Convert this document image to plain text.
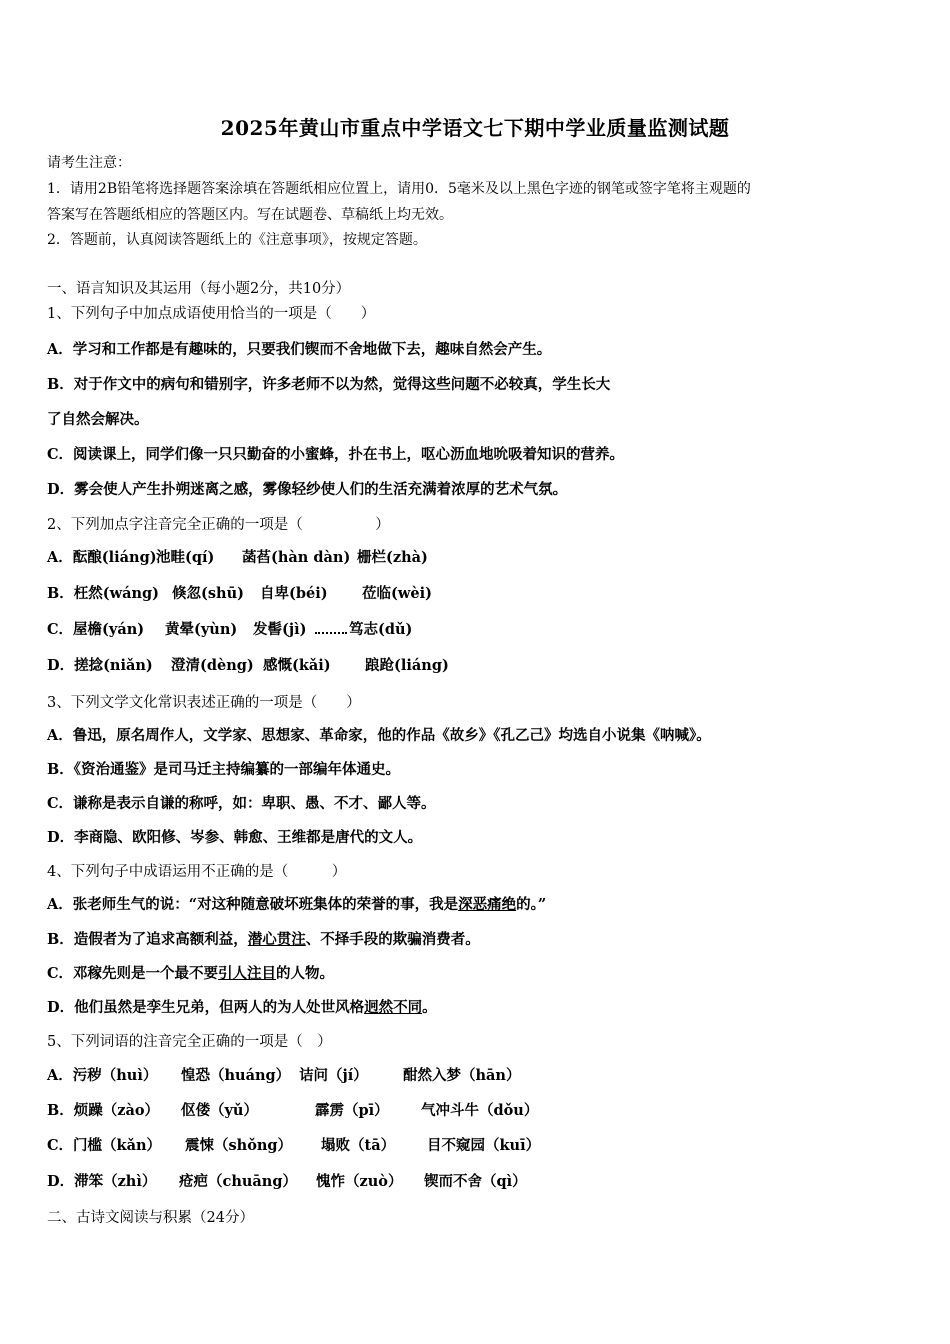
2025年黄山市重点中学语文七下期中学业质量监测试题
请考生注意：
1．请用2B铅笔将选择题答案涂填在答题纸相应位置上，请用0．5毫米及以上黑色字迹的钢笔或签字笔将主观题的
答案写在答题纸相应的答题区内。写在试题卷、草稿纸上均无效。
2．答题前，认真阅读答题纸上的《注意事项》，按规定答题。
一、语言知识及其运用（每小题2分，共10分）
1、下列句子中加点成语使用恰当的一项是（　　）
A．学习和工作都是有趣味的，只要我们锲而不舍地做下去，趣味自然会产生。
B．对于作文中的病句和错别字，许多老师不以为然，觉得这些问题不必较真，学生长大
了自然会解决。
C．阅读课上，同学们像一只只勤奋的小蜜蜂，扑在书上，呕心沥血地吮吸着知识的营养。
D．雾会使人产生扑朔迷离之感，雾像轻纱使人们的生活充满着浓厚的艺术气氛。
2、下列加点字注音完全正确的一项是（　　　　　）
A．酝酿(liáng)池畦(qí) 菡萏(hàn dàn) 栅栏(zhà)
B．枉然(wáng) 倏忽(shū) 自卑(béi) 莅临(wèi)
C．屋檐(yán) 黄晕(yùn) 发髻(jì)	笃志(dǔ)
D．搓捻(niǎn) 澄清(dèng) 感慨(kǎi) 踉跄(liáng)
3、下列文学文化常识表述正确的一项是（　　）
A．鲁迅，原名周作人，文学家、思想家、革命家，他的作品《故乡》《孔乙己》均选自小说集《呐喊》。
B．《资治通鉴》是司马迁主持编纂的一部编年体通史。
C．谦称是表示自谦的称呼，如：卑职、愚、不才、鄙人等。
D．李商隐、欧阳修、岑参、韩愈、王维都是唐代的文人。
4、下列句子中成语运用不正确的是（　　　）
A．张老师生气的说：“对这种随意破坏班集体的荣誉的事，我是深恶痛绝的。”
B．造假者为了追求高额利益，潜心贯注、不择手段的欺骗消费者。
C．邓稼先则是一个最不要引人注目的人物。
D．他们虽然是孪生兄弟，但两人的为人处世风格迥然不同。
5、下列词语的注音完全正确的一项是（　）
A．污秽（huì） 惶恐（huáng） 诘问（jí） 酣然入梦（hān）
B．烦躁（zào） 伛偻（yǔ）	霹雳（pī） 气冲斗牛（dǒu）
C．门槛（kǎn） 震悚（shǒng） 塌败（tā） 目不窥园（kuī）
D．滞笨（zhì） 疮疤（chuāng） 愧怍（zuò） 锲而不舍（qì）
二、古诗文阅读与积累（24分）
